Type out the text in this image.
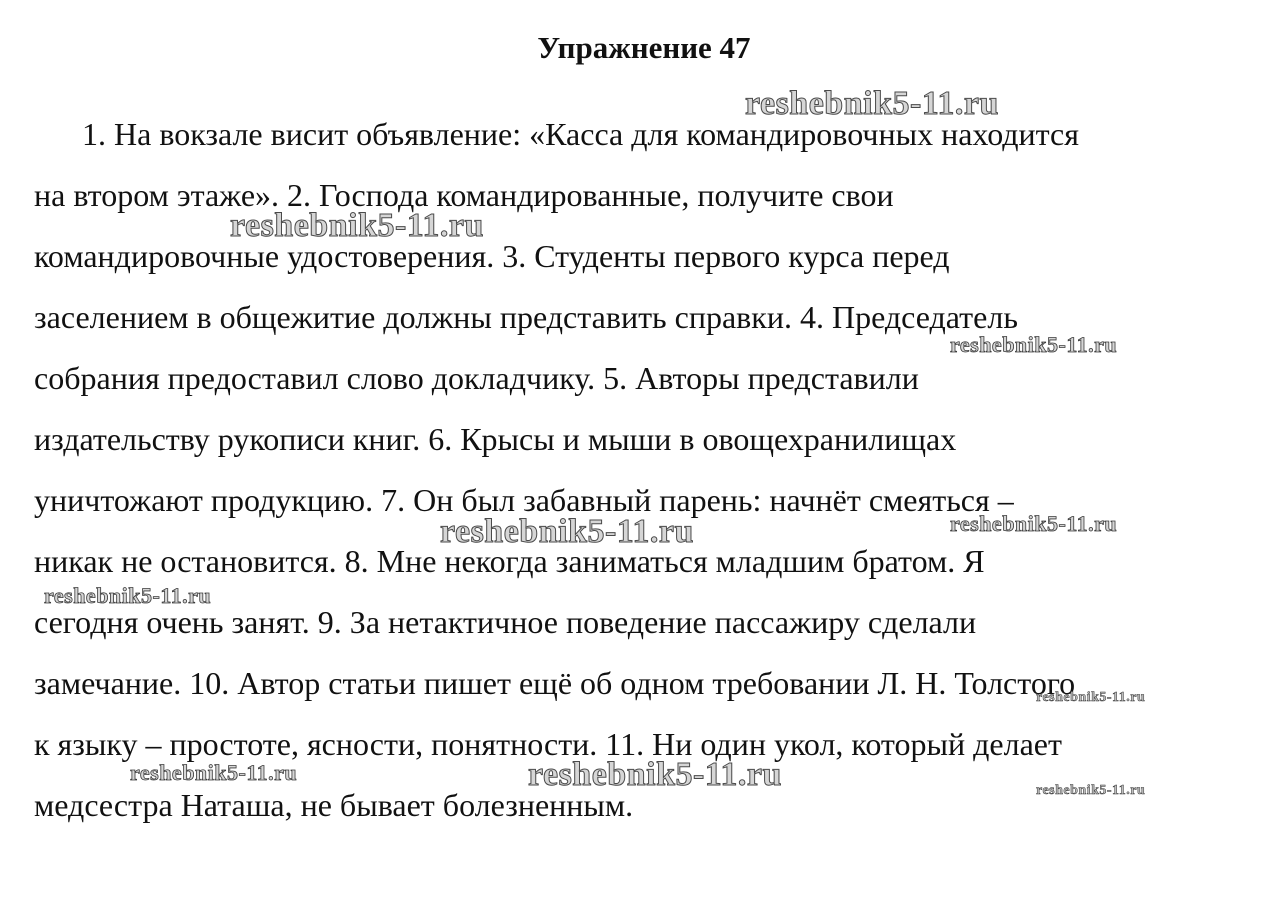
Упражнение 47

1. На вокзале висит объявление: «Касса для командировочных находится

на втором этаже». 2. Господа командированные, получите свои

командировочные удостоверения. 3. Студенты первого курса перед

заселением в общежитие должны представить справки. 4. Председатель

собрания предоставил слово докладчику. 5. Авторы представили

издательству рукописи книг. 6. Крысы и мыши в овощехранилищах

уничтожают продукцию. 7. Он был забавный парень: начнёт смеяться –

никак не остановится. 8. Мне некогда заниматься младшим братом. Я

сегодня очень занят. 9. За нетактичное поведение пассажиру сделали

замечание. 10. Автор статьи пишет ещё об одном требовании Л. Н. Толстого

к языку – простоте, ясности, понятности. 11. Ни один укол, который делает

медсестра Наташа, не бывает болезненным.

reshebnik5-11.ru
reshebnik5-11.ru
reshebnik5-11.ru
reshebnik5-11.ru	reshebnik5-11.ru
reshebnik5-11.ru
reshebnik5-11.ru
reshebnik5-11.ru	reshebnik5-11.ru	reshebnik5-11.ru
